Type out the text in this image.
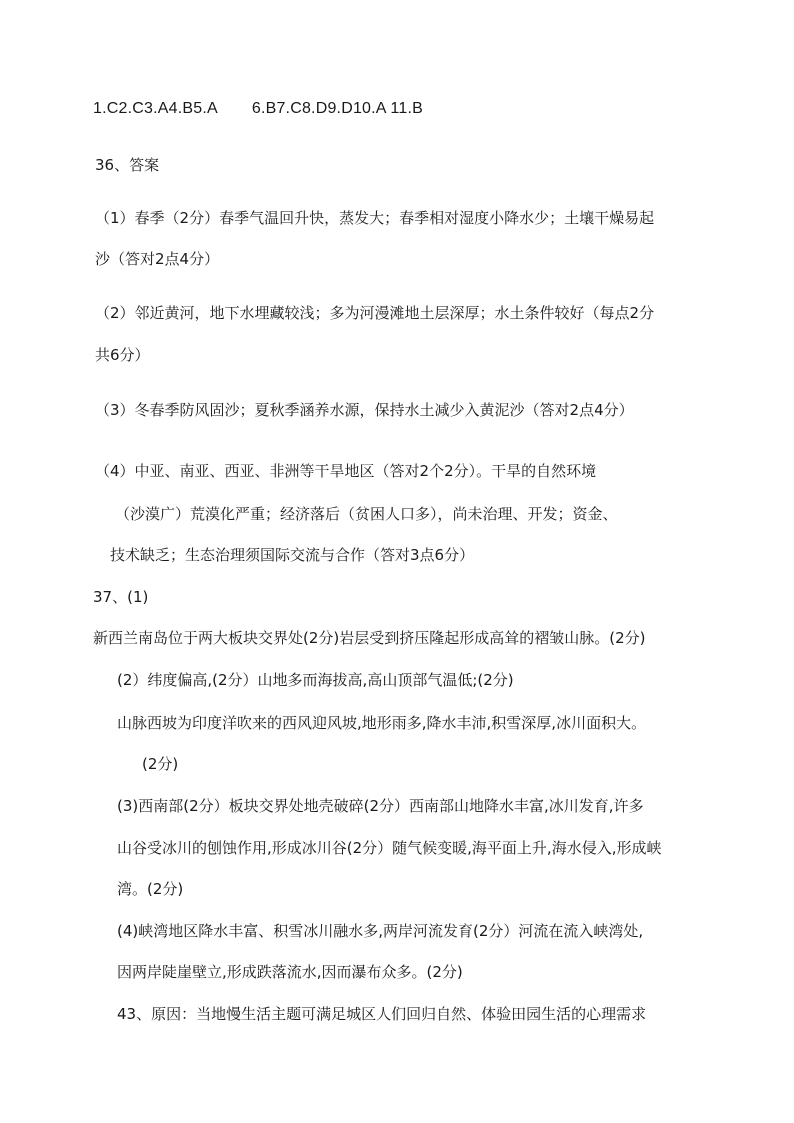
1.C2.C3.A4.B5.A 6.B7.C8.D9.D10.A 11.B
36、答案
（1）春季（2分）春季气温回升快，蒸发大；春季相对湿度小降水少；土壤干燥易起
沙（答对2点4分）
（2）邻近黄河，地下水埋藏较浅；多为河漫滩地土层深厚；水土条件较好（每点2分
共6分）
（3）冬春季防风固沙；夏秋季涵养水源，保持水土减少入黄泥沙（答对2点4分）
（4）中亚、南亚、西亚、非洲等干旱地区（答对2个2分）。干旱的自然环境
（沙漠广）荒漠化严重；经济落后（贫困人口多），尚未治理、开发；资金、
技术缺乏；生态治理须国际交流与合作（答对3点6分）
37、(1)
新西兰南岛位于两大板块交界处(2分)岩层受到挤压隆起形成高耸的褶皱山脉。(2分)
(2）纬度偏高,(2分）山地多而海拔高,高山顶部气温低;(2分)
山脉西坡为印度洋吹来的西风迎风坡,地形雨多,降水丰沛,积雪深厚,冰川面积大。
(2分)
(3)西南部(2分）板块交界处地壳破碎(2分）西南部山地降水丰富,冰川发育,许多
山谷受冰川的刨蚀作用,形成冰川谷(2分）随气候变暖,海平面上升,海水侵入,形成峡
湾。(2分)
(4)峡湾地区降水丰富、积雪冰川融水多,两岸河流发育(2分）河流在流入峡湾处,
因两岸陡崖壁立,形成跌落流水,因而瀑布众多。(2分)
43、原因：当地慢生活主题可满足城区人们回归自然、体验田园生活的心理需求
